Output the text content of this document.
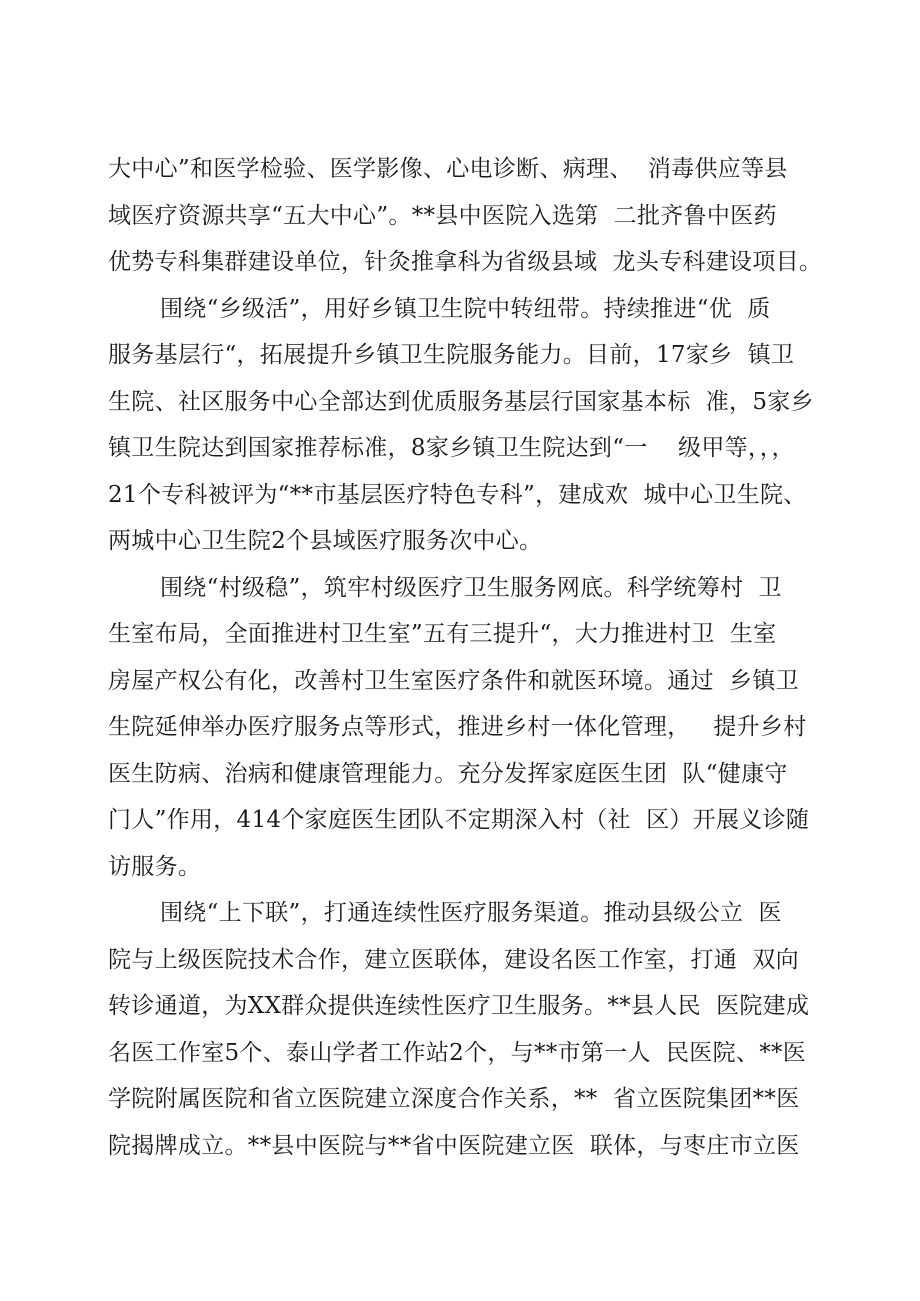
大中心”和医学检验、医学影像、心电诊断、病理、  消毒供应等县
域医疗资源共享“五大中心”。**县中医院入选第  二批齐鲁中医药
优势专科集群建设单位，针灸推拿科为省级县域  龙头专科建设项目。
围绕“乡级活”，用好乡镇卫生院中转纽带。持续推进“优  质
服务基层行“，拓展提升乡镇卫生院服务能力。目前，17家乡  镇卫
生院、社区服务中心全部达到优质服务基层行国家基本标  准，5家乡
镇卫生院达到国家推荐标准，8家乡镇卫生院达到“一    级甲等，，，
21个专科被评为“**市基层医疗特色专科”，建成欢  城中心卫生院、
两城中心卫生院2个县域医疗服务次中心。
围绕“村级稳”，筑牢村级医疗卫生服务网底。科学统筹村  卫
生室布局，全面推进村卫生室”五有三提升“，大力推进村卫  生室
房屋产权公有化，改善村卫生室医疗条件和就医环境。通过  乡镇卫
生院延伸举办医疗服务点等形式，推进乡村一体化管理，   提升乡村
医生防病、治病和健康管理能力。充分发挥家庭医生团  队“健康守
门人”作用，414个家庭医生团队不定期深入村（社  区）开展义诊随
访服务。
围绕“上下联”，打通连续性医疗服务渠道。推动县级公立  医
院与上级医院技术合作，建立医联体，建设名医工作室，打通  双向
转诊通道，为XX群众提供连续性医疗卫生服务。**县人民  医院建成
名医工作室5个、泰山学者工作站2个，与**市第一人  民医院、**医
学院附属医院和省立医院建立深度合作关系，**  省立医院集团**医
院揭牌成立。**县中医院与**省中医院建立医  联体，与枣庄市立医
